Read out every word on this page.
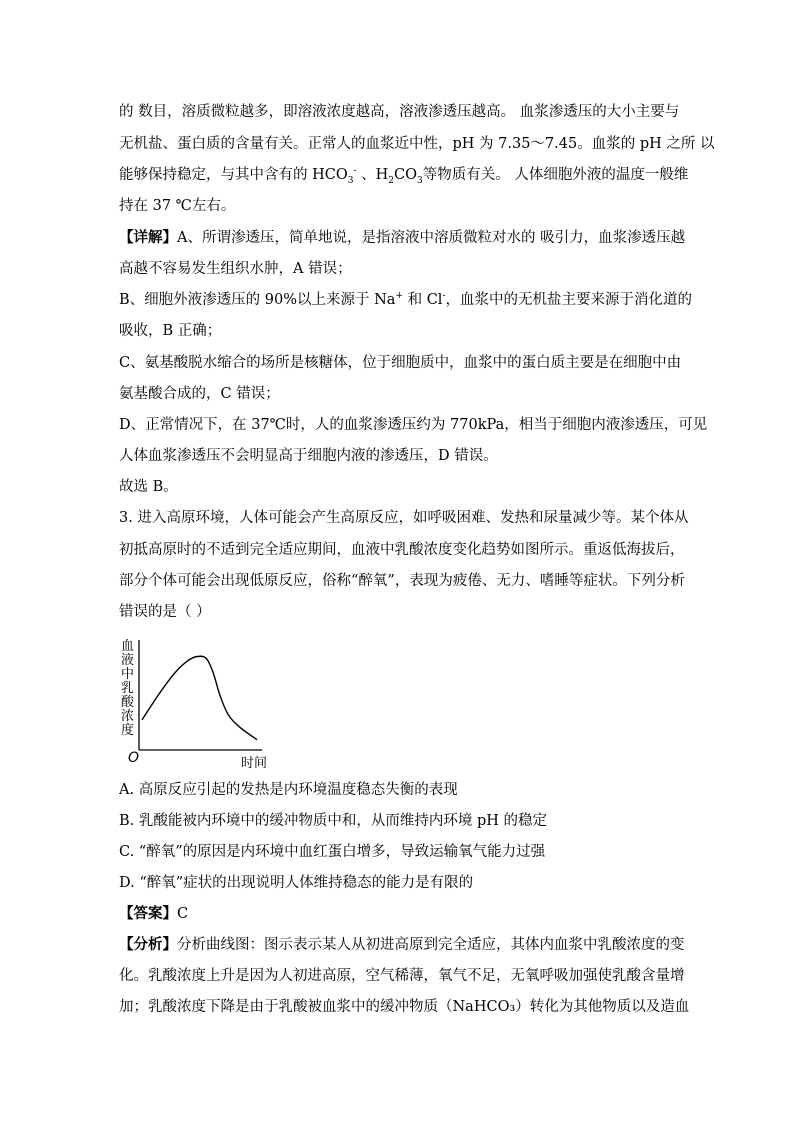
的 数目，溶质微粒越多，即溶液浓度越高，溶液渗透压越高。 血浆渗透压的大小主要与
无机盐、蛋白质的含量有关。正常人的血浆近中性，pH 为 7.35～7.45。血浆的 pH 之所 以
能够保持稳定，与其中含有的 $HCO_3^-$ 、$H_2CO_3$等物质有关。 人体细胞外液的温度一般维
持在 37 ℃左右。
【详解】A、所谓渗透压，简单地说，是指溶液中溶质微粒对水的 吸引力，血浆渗透压越
高越不容易发生组织水肿，A 错误；
B、细胞外液渗透压的 90%以上来源于 Na+ 和 Cl-，血浆中的无机盐主要来源于消化道的
吸收，B 正确；
C、氨基酸脱水缩合的场所是核糖体，位于细胞质中，血浆中的蛋白质主要是在细胞中由
氨基酸合成的，C 错误；
D、正常情况下，在 37℃时，人的血浆渗透压约为 770kPa，相当于细胞内液渗透压，可见
人体血浆渗透压不会明显高于细胞内液的渗透压，D 错误。
故选 B。
3. 进入高原环境，人体可能会产生高原反应，如呼吸困难、发热和尿量减少等。某个体从
初抵高原时的不适到完全适应期间，血液中乳酸浓度变化趋势如图所示。重返低海拔后，
部分个体可能会出现低原反应，俗称“醉氧”，表现为疲倦、无力、嗜睡等症状。下列分析
错误的是（ ）
血液中乳酸浓度
O	时间
A. 高原反应引起的发热是内环境温度稳态失衡的表现
B. 乳酸能被内环境中的缓冲物质中和，从而维持内环境 pH 的稳定
C. “醉氧”的原因是内环境中血红蛋白增多，导致运输氧气能力过强
D. “醉氧”症状的出现说明人体维持稳态的能力是有限的
【答案】C
【分析】分析曲线图：图示表示某人从初进高原到完全适应，其体内血浆中乳酸浓度的变
化。乳酸浓度上升是因为人初进高原，空气稀薄，氧气不足，无氧呼吸加强使乳酸含量增
加；乳酸浓度下降是由于乳酸被血浆中的缓冲物质（NaHCO₃）转化为其他物质以及造血
